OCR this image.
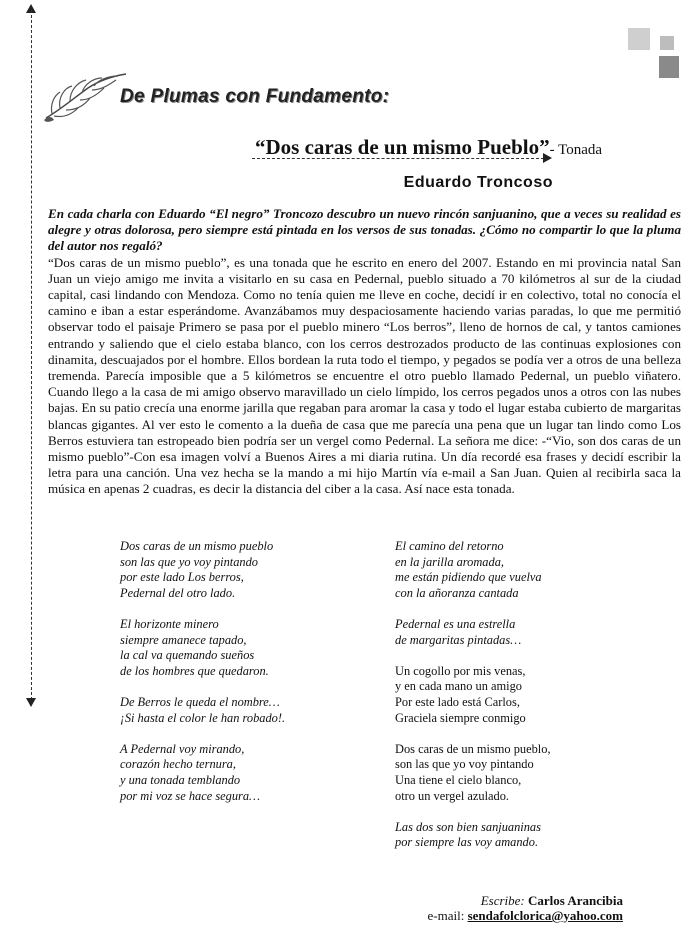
De Plumas con Fundamento:
“Dos caras de un mismo Pueblo”- Tonada
Eduardo Troncoso

En cada charla con Eduardo “El negro” Troncozo descubro un nuevo rincón sanjuanino, que a veces su realidad es alegre y otras dolorosa, pero siempre está pintada en los versos de sus tonadas. ¿Cómo no compartir lo que la pluma del autor nos regaló?

“Dos caras de un mismo pueblo”, es una tonada que he escrito en enero del 2007. Estando en mi provincia natal San Juan un viejo amigo me invita a visitarlo en su casa en Pedernal, pueblo situado a 70 kilómetros al sur de la ciudad capital, casi lindando con Mendoza. Como no tenía quien me lleve en coche, decidí ir en colectivo, total no conocía el camino e iban a estar esperándome. Avanzábamos muy despaciosamente haciendo varias paradas, lo que me permitió observar todo el paisaje Primero se pasa por el pueblo minero “Los berros”, lleno de hornos de cal, y tantos camiones entrando y saliendo que el cielo estaba blanco, con los cerros destrozados producto de las continuas explosiones con dinamita, descuajados por el hombre. Ellos bordean la ruta todo el tiempo, y pegados se podía ver a otros de una belleza tremenda. Parecía imposible que a 5 kilómetros se encuentre el otro pueblo llamado Pedernal, un pueblo viñatero. Cuando llego a la casa de mi amigo observo maravillado un cielo límpido, los cerros pegados unos a otros con las nubes bajas. En su patio crecía una enorme jarilla que regaban para aromar la casa y todo el lugar estaba cubierto de margaritas blancas gigantes. Al ver esto le comento a la dueña de casa que me parecía una pena que un lugar tan lindo como Los Berros estuviera tan estropeado bien podría ser un vergel como Pedernal. La señora me dice: -“Vio, son dos caras de un mismo pueblo”-Con esa imagen volví a Buenos Aires a mi diaria rutina. Un día recordé esa frases y decidí escribir la letra para una canción. Una vez hecha se la mando a mi hijo Martín vía e-mail a San Juan. Quien al recibirla saca la música en apenas 2 cuadras, es decir la distancia del ciber a la casa. Así nace esta tonada.

Dos caras de un mismo pueblo
son las que yo voy pintando
por este lado Los berros,
Pedernal del otro lado.

El horizonte minero
siempre amanece tapado,
la cal va quemando sueños
de los hombres que quedaron.

De Berros le queda el nombre…
¡Si hasta el color le han robado!.

A Pedernal voy mirando,
corazón hecho ternura,
y una tonada temblando
por mi voz se hace segura…

El camino del retorno
en la jarilla aromada,
me están pidiendo que vuelva
con la añoranza cantada

Pedernal es una estrella
de margaritas pintadas…

Un cogollo por mis venas,
y en cada mano un amigo
Por este lado está Carlos,
Graciela siempre conmigo

Dos caras de un mismo pueblo,
son las que yo voy pintando
Una tiene el cielo blanco,
otro un vergel azulado.

Las dos son bien sanjuaninas
por siempre las voy amando.

Escribe: Carlos Arancibia
e-mail: sendafolclorica@yahoo.com
